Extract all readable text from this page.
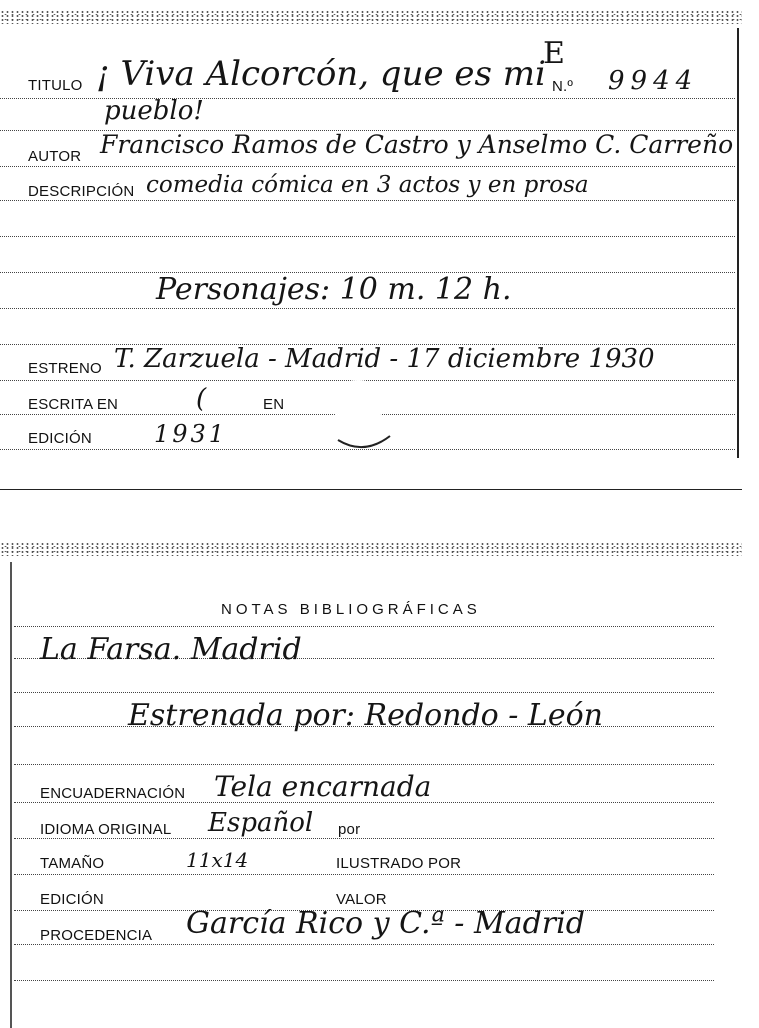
TITULO ¡ Viva Alcorcón, que es mi
pueblo!
E
N.º 9944
AUTOR Francisco Ramos de Castro y Anselmo C. Carreño
DESCRIPCIÓN comedia cómica en 3 actos y en prosa
Personajes: 10 m. 12 h.
ESTRENO T. Zarzuela - Madrid - 17 diciembre 1930
ESCRITA EN	(	EN
EDICIÓN	1931
NOTAS BIBLIOGRÁFICAS
La Farsa. Madrid
Estrenada por: Redondo - León
ENCUADERNACIÓN Tela encarnada
IDIOMA ORIGINAL Español por
TAMAÑO	11x14	ILUSTRADO POR
EDICIÓN	VALOR
PROCEDENCIA García Rico y C.ª - Madrid
